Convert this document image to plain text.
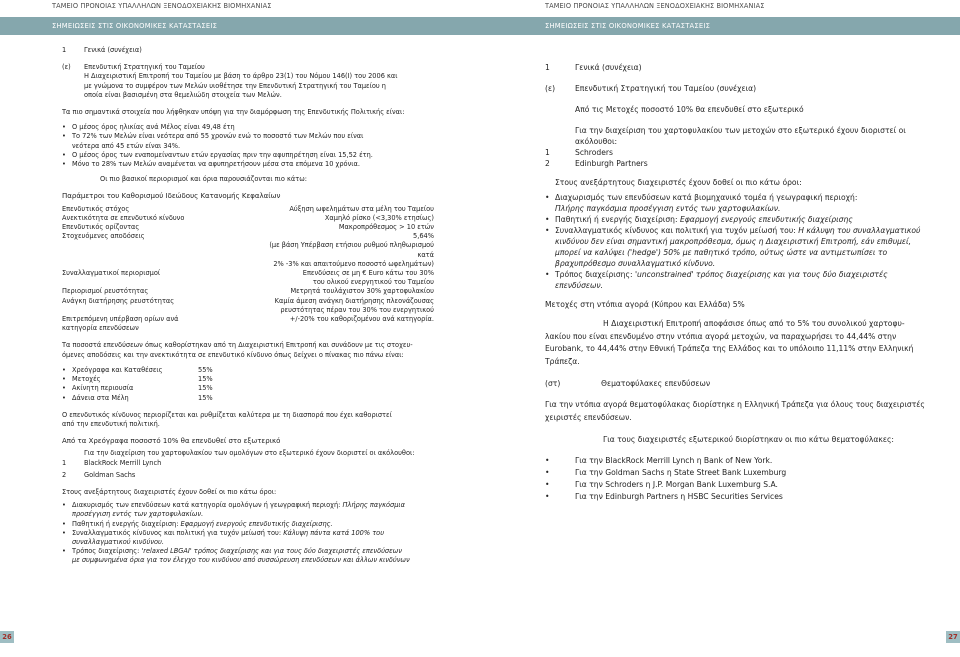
ΤΑΜΕΙΟ ΠΡΟΝΟΙΑΣ ΥΠΑΛΛΗΛΩΝ ΞΕΝΟΔΟΧΕΙΑΚΗΣ ΒΙΟΜΗΧΑΝΙΑΣ
ΣΗΜΕΙΩΣΕΙΣ ΣΤΙΣ ΟΙΚΟΝΟΜΙΚΕΣ ΚΑΤΑΣΤΑΣΕΙΣ
1	Γενικά (συνέχεια)
(ε)	Επενδυτική Στρατηγική του Ταμείου

Η Διαχειριστική Επιτροπή του Ταμείου με βάση το άρθρο 23(1) του Νόμου 146(Ι) του 2006 και

με γνώμονα το συμφέρον των Μελών υιοθέτησε την Επενδυτική Στρατηγική του Ταμείου η

οποία είναι βασισμένη στα θεμελιώδη στοιχεία των Μελών.

Τα πιο σημαντικά στοιχεία που λήφθηκαν υπόψη για την διαμόρφωση της Επενδυτικής Πολιτικής είναι:

• Ο μέσος όρος ηλικίας ανά Μέλος είναι 49,48 έτη
• Το 72% των Μελών είναι νεότερα από 55 χρονών ενώ το ποσοστό των Μελών που είναι

νεότερα από 45 ετών είναι 34%.

• Ο μέσος όρος των εναπομείναντων ετών εργασίας πριν την αφυπηρέτηση είναι 15,52 έτη.
• Μόνο το 28% των Μελών αναμένεται να αφυπηρετήσουν μέσα στα επόμενα 10 χρόνια.

Οι πιο βασικοί περιορισμοί και όρια παρουσιάζονται πιο κάτω:

Παράμετροι του Καθορισμού Ιδεώδους Κατανομής Κεφαλαίων

Επενδυτικός στόχος	Αύξηση ωφελημάτων στα μέλη του Ταμείου
Ανεκτικότητα σε επενδυτικό κίνδυνο	Χαμηλό ρίσκο (<3,30% ετησίως)
Επενδυτικός ορίζοντας	Μακροπρόθεσμος > 10 ετών
Στοχευόμενες αποδόσεις	5,64%
(με βάση Υπέρβαση ετήσιου ρυθμού πληθωρισμού κατά
2% -3% και απαιτούμενο ποσοστό ωφελημάτων)
Συναλλαγματικοί περιορισμοί	Επενδύσεις σε μη € Euro κάτω του 30%
του ολικού ενεργητικού του Ταμείου
Περιορισμοί ρευστότητας	Μετρητά τουλάχιστον 30% χαρτοφυλακίου
Ανάγκη διατήρησης ρευστότητας	Καμία άμεση ανάγκη διατήρησης πλεονάζουσας
ρευστότητας πέραν του 30% του ενεργητικού
Επιτρεπόμενη υπέρβαση ορίων ανά	+/-20% του καθοριζομένου ανά κατηγορία.
κατηγορία επενδύσεων

Τα ποσοστά επενδύσεων όπως καθορίστηκαν από τη Διαχειριστική Επιτροπή και συνάδουν με τις στοχευ-

όμενες αποδόσεις και την ανεκτικότητα σε επενδυτικό κίνδυνο όπως δείχνει ο πίνακας πιο πάνω είναι:

• Χρεόγραφα και Καταθέσεις	55%
• Μετοχές	15%
• Ακίνητη περιουσία	15%
• Δάνεια στα Μέλη	15%

Ο επενδυτικός κίνδυνος περιορίζεται και ρυθμίζεται καλύτερα με τη διασπορά που έχει καθοριστεί

από την επενδυτική πολιτική.

Από τα Χρεόγραφα ποσοστό 10% θα επενδυθεί στο εξωτερικό

Για την διαχείριση του χαρτοφυλακίου των ομολόγων στο εξωτερικό έχουν διοριστεί οι ακόλουθοι:

1	BlackRock Merrill Lynch
2	Goldman Sachs

Στους ανεξάρτητους διαχειριστές έχουν δοθεί οι πιο κάτω όροι:

• Διακυρισμός των επενδύσεων κατά κατηγορία ομολόγων ή γεωγραφική περιοχή: Πλήρης παγκόσμια

προσέγγιση εντός των χαρτοφυλακίων.

• Παθητική ή ενεργής διαχείριση: Εφαρμογή ενεργούς επενδυτικής διαχείρισης.
• Συναλλαγματικός κίνδυνος και πολιτική για τυχόν μείωσή του: Κάλυψη πάντα κατά 100% του

συναλλαγματικού κινδύνου.

• Τρόπος διαχείρισης: 'relaxed LBGAI' τρόπος διαχείρισης και για τους δύο διαχειριστές επενδύσεων

με συμφωνημένα όρια για τον έλεγχο του κινδύνου από συσσώρευση επενδύσεων και άλλων κινδύνων

26
ΤΑΜΕΙΟ ΠΡΟΝΟΙΑΣ ΥΠΑΛΛΗΛΩΝ ΞΕΝΟΔΟΧΕΙΑΚΗΣ ΒΙΟΜΗΧΑΝΙΑΣ
ΣΗΜΕΙΩΣΕΙΣ ΣΤΙΣ ΟΙΚΟΝΟΜΙΚΕΣ ΚΑΤΑΣΤΑΣΕΙΣ
27
1	Γενικά (συνέχεια)
(ε)	Επενδυτική Στρατηγική του Ταμείου (συνέχεια)

Από τις Μετοχές ποσοστό 10% θα επενδυθεί στο εξωτερικό

Για την διαχείριση του χαρτοφυλακίου των μετοχών στο εξωτερικό έχουν διοριστεί οι ακόλουθοι:

1	Schroders
2	Edinburgh Partners

Στους ανεξάρτητους διαχειριστές έχουν δοθεί οι πιο κάτω όροι:

• Διαχωρισμός των επενδύσεων κατά βιομηχανικό τομέα ή γεωγραφική περιοχή:

Πλήρης παγκόσμια προσέγγιση εντός των χαρτοφυλακίων.

• Παθητική ή ενεργής διαχείριση: Εφαρμογή ενεργούς επενδυτικής διαχείρισης
• Συναλλαγματικός κίνδυνος και πολιτική για τυχόν μείωσή του: Η κάλυψη του συναλλαγματικού

κινδύνου δεν είναι σημαντική μακροπρόθεσμα, όμως η Διαχειριστική Επιτροπή, εάν επιθυμεί,

μπορεί να καλύψει ('hedge') 50% με παθητικό τρόπο, ούτως ώστε να αντιμετωπίσει το

βραχυπρόθεσμο συναλλαγματικό κίνδυνο.

• Τρόπος διαχείρισης: 'unconstrained' τρόπος διαχείρισης και για τους δύο διαχειριστές επενδύσεων.

Μετοχές στη ντόπια αγορά (Κύπρου και Ελλάδα) 5%

Η Διαχειριστική Επιτροπή αποφάσισε όπως από το 5% του συνολικού χαρτοφυ-

λακίου που είναι επενδυμένο στην ντόπια αγορά μετοχών, να παραχωρήσει το 44,44% στην

Eurobank, το 44,44% στην Εθνική Τράπεζα της Ελλάδος και το υπόλοιπο 11,11% στην Ελληνική

Τράπεζα.

(στ)	Θεματοφύλακες επενδύσεων

Για την ντόπια αγορά θεματοφύλακας διορίστηκε η Ελληνική Τράπεζα για όλους τους διαχειριστές

χειριστές επενδύσεων.

Για τους διαχειριστές εξωτερικού διορίστηκαν οι πιο κάτω θεματοφύλακες:

• Για την BlackRock Merrill Lynch η Bank of New York.
• Για την Goldman Sachs η State Street Bank Luxemburg
• Για την Schroders η J.P. Morgan Bank Luxemburg S.A.
• Για την Edinburgh Partners η HSBC Securities Services
